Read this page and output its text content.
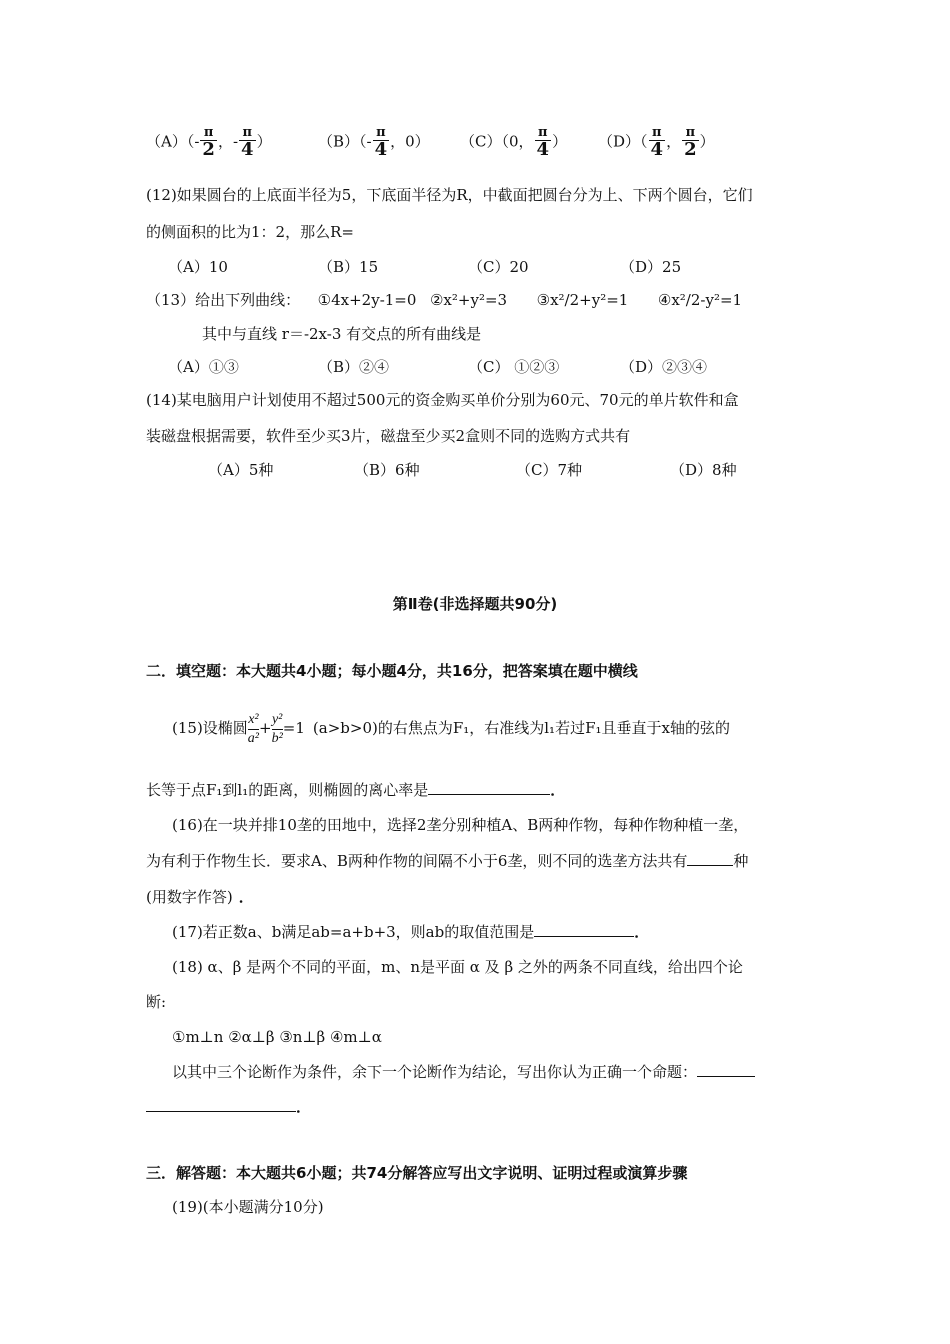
$(A)(- \frac{\pi}{2}$ ，- $\frac{\pi}{4}$ ）	$(B)(- \frac{\pi}{4}$ ，0） （C）（0， $\frac{\pi}{4}$ ） $(D)( \frac{\pi}{4}$ ， $\frac{\pi}{2}$ ）
(12)如果圆台的上底面半径为5，下底面半径为R，中截面把圆台分为上、下两个圆台，它们
的侧面积的比为1：2，那么R=
（A）10	（B）15	（C）20	（D）25
（13）给出下列曲线： ①4x+2y-1=0 ②x²+y²=3 ③x²/2+y²=1 ④x²/2-y²=1
其中与直线 r＝-2x-3 有交点的所有曲线是
（A）①③	（B）②④	（C） ①②③	（D）②③④
(14)某电脑用户计划使用不超过500元的资金购买单价分别为60元、70元的单片软件和盒
装磁盘根据需要，软件至少买3片，磁盘至少买2盒则不同的选购方式共有
（A）5种	（B）6种	（C）7种	（D）8种
第Ⅱ卷(非选择题共90分)
二．填空题：本大题共4小题；每小题4分，共16分，把答案填在题中横线
(15)设椭圆 $\frac{\text{x²}}{\text{a²}} + \frac{\text{y²}}{\text{b²}} =1$ (a>b>0)的右焦点为F₁，右准线为l₁若过F₁且垂直于x轴的弦的
长等于点F₁到l₁的距离，则椭圆的离心率是	．
(16)在一块并排10垄的田地中，选择2垄分别种植A、B两种作物，每种作物种植一垄，
为有利于作物生长．要求A、B两种作物的间隔不小于6垄，则不同的选垄方法共有	种
(用数字作答) ．
(17)若正数a、b满足ab=a+b+3，则ab的取值范围是	．
(18) α、β 是两个不同的平面，m、n是平面 α 及 β 之外的两条不同直线，给出四个论
断:
①m⊥n ②α⊥β ③n⊥β ④m⊥α
以其中三个论断作为条件，余下一个论断作为结论，写出你认为正确一个命题：
．
三．解答题：本大题共6小题；共74分解答应写出文字说明、证明过程或演算步骤
(19)(本小题满分10分)
